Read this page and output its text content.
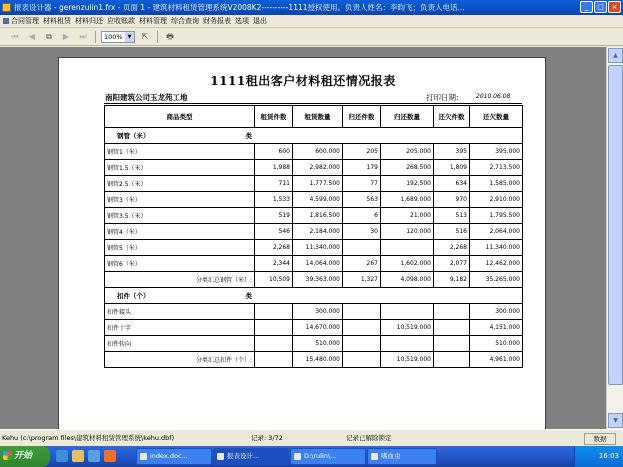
报表设计器 - gerenzulin1.frx - 页面 1 - 建筑材料租赁管理系统V2008K2----------1111授权使用。负责人姓名：李昀飞；负责人电话...	_	□	×
合同管理 材料租赁 材料归还 应收账款 材料管理 综合查询 财务报表 选项 退出
⏮	◀	⧉	▶	⏭	100% ▼	⇱	🖶
1111租出客户材料租还情况报表
南阳建筑公司玉龙苑工地	打印日期:	2010.06.08
商品类型	租赁件数	租赁数量	归还件数	归还数量	还欠件数	还欠数量
钢管（米） 类						

钢管1（米）	600	600.000	205	205.000	395	395.000
钢管1.5（米）	1,988	2,982.000	179	268.500	1,809	2,713.500
钢管2.5（米）	711	1,777.500	77	192.500	634	1,585.000
钢管3（米）	1,533	4,599.000	563	1,689.000	970	2,910.000
钢管3.5（米）	519	1,816.500	6	21.000	513	1,795.500
钢管4（米）	546	2,184.000	30	120.000	516	2,064.000
钢管5（米）	2,268	11,340.000			2,268	11,340.000
钢管6（米）	2,344	14,064.000	267	1,602.000	2,077	12,462.000
分类汇总钢管（米）:	10,509	39,363.000	1,327	4,098.000	9,182	35,265.000
扣件（个） 类						

扣件接头		300.000				300.000
扣件十字		14,670.000		10,519.000		4,151.000
扣件转向		510.000				510.000
分类汇总扣件（个）:		15,480.000		10,519.000		4,961.000
▲
▼
Kehu (c:\program files\建筑材料租赁管理系统\kehu.dbf)	记录: 3/72	记录已解除锁定	数据
开始	index.doc...	报表设计...	D:\rulin\...	嗜血虫	16:03
